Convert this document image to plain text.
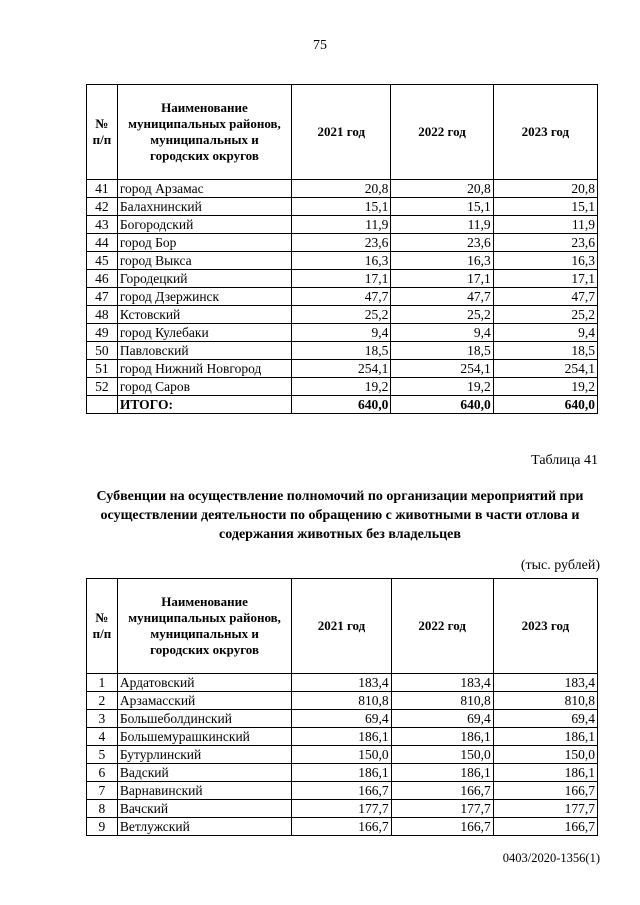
75
№ п/п	Наименование муниципальных районов, муниципальных и городских округов	2021 год	2022 год	2023 год
41	город Арзамас	20,8	20,8	20,8
42	Балахнинский	15,1	15,1	15,1
43	Богородский	11,9	11,9	11,9
44	город Бор	23,6	23,6	23,6
45	город Выкса	16,3	16,3	16,3
46	Городецкий	17,1	17,1	17,1
47	город Дзержинск	47,7	47,7	47,7
48	Кстовский	25,2	25,2	25,2
49	город Кулебаки	9,4	9,4	9,4
50	Павловский	18,5	18,5	18,5
51	город Нижний Новгород	254,1	254,1	254,1
52	город Саров	19,2	19,2	19,2
	ИТОГО:	640,0	640,0	640,0
Таблица 41
Субвенции на осуществление полномочий по организации мероприятий при осуществлении деятельности по обращению с животными в части отлова и содержания животных без владельцев
(тыс. рублей)
№ п/п	Наименование муниципальных районов, муниципальных и городских округов	2021 год	2022 год	2023 год
1	Ардатовский	183,4	183,4	183,4
2	Арзамасский	810,8	810,8	810,8
3	Большеболдинский	69,4	69,4	69,4
4	Большемурашкинский	186,1	186,1	186,1
5	Бутурлинский	150,0	150,0	150,0
6	Вадский	186,1	186,1	186,1
7	Варнавинский	166,7	166,7	166,7
8	Вачский	177,7	177,7	177,7
9	Ветлужский	166,7	166,7	166,7
0403/2020-1356(1)
